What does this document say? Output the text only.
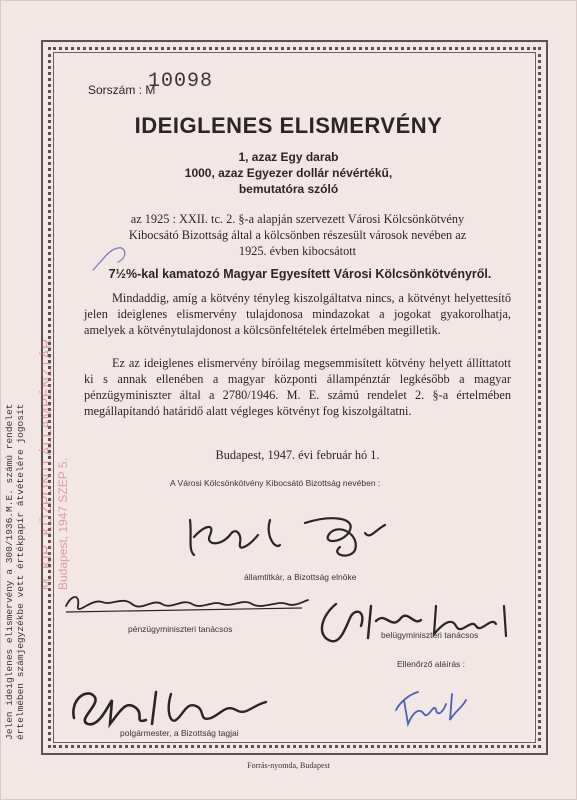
Jelen ideiglenes elismervény a 300/1936.M.E. számú rendelet értelmében számjegyzékbe vett értékpapír átvételére jogosít M. KIR. KÖZPONTI ÁLLAMPÉNZTÁR Budapest, 1947 SZEP 5.
Sorszám : M
10098
IDEIGLENES ELISMERVÉNY
1, azaz Egy darab
1000, azaz Egyezer dollár névértékű,
bemutatóra szóló
az 1925 : XXII. tc. 2. §-a alapján szervezett Városi Kölcsönkötvény
Kibocsátó Bizottság által a kölcsönben részesült városok nevében az
1925. évben kibocsátott
7½%-kal kamatozó Magyar Egyesített Városi Kölcsönkötvényről.
Mindaddig, amíg a kötvény tényleg kiszolgáltatva nincs, a kötvényt helyettesítő jelen ideiglenes elismervény tulajdonosa mindazokat a jogokat gyakorolhatja, amelyek a kötvénytulajdonost a kölcsönfeltételek értelmében megilletik.
Ez az ideiglenes elismervény bíróilag megsemmisített kötvény helyett állíttatott ki s annak ellenében a magyar központi állampénztár legkésőbb a magyar pénzügyminiszter által a 2780/1946. M. E. számú rendelet 2. §-a értelmében megállapítandó határidő alatt végleges kötvényt fog kiszolgáltatni.
Budapest, 1947. évi február hó 1.
A Városi Kölcsönkötvény Kibocsátó Bizottság nevében :
államtitkár, a Bizottság elnöke
pénzügyminiszteri tanácsos
belügyminiszteri tanácsos
Ellenőrző aláírás :
polgármester, a Bizottság tagjai
Forrás-nyomda, Budapest
